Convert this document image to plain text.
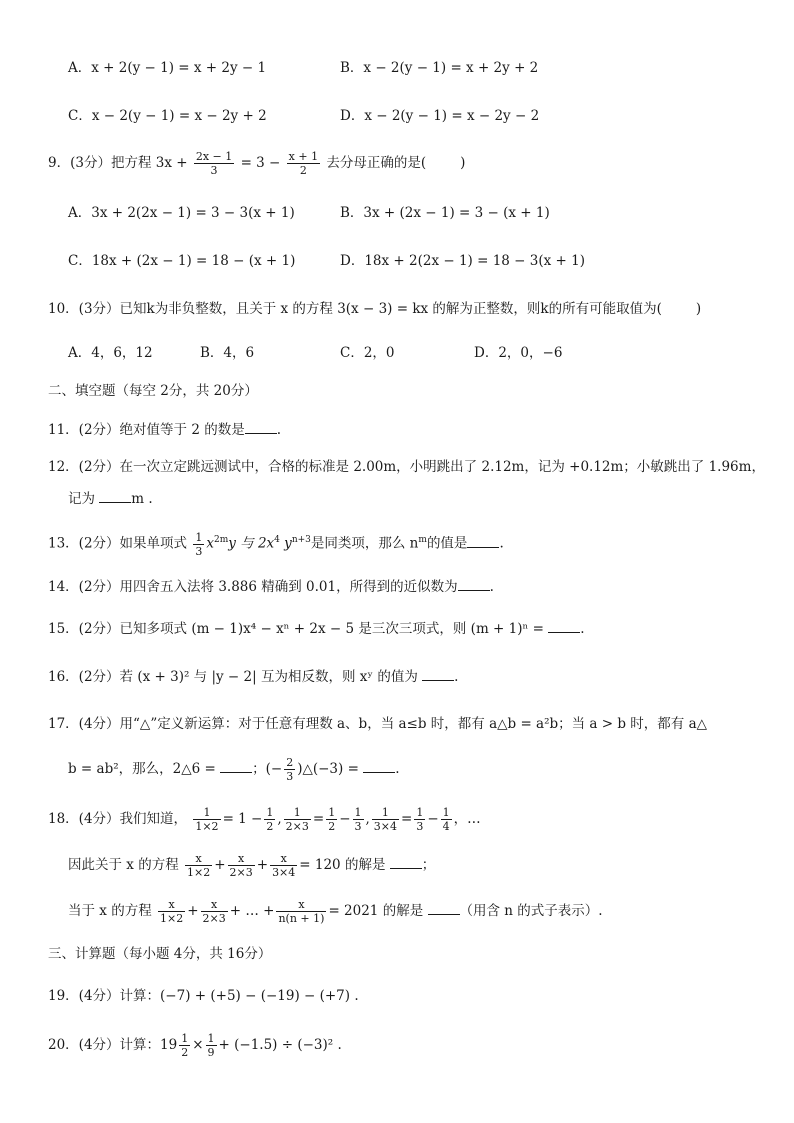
A．x + 2(y − 1) = x + 2y − 1	B．x − 2(y − 1) = x + 2y + 2
C．x − 2(y − 1) = x − 2y + 2	D．x − 2(y − 1) = x − 2y − 2
9．(3分）把方程 $3x + \frac{2x - 1}{3} = 3 - \frac{x + 1}{2}$ 去分母正确的是(	)
A．3x + 2(2x − 1) = 3 − 3(x + 1)	B．3x + (2x − 1) = 3 − (x + 1)
C．18x + (2x − 1) = 18 − (x + 1)	D．18x + 2(2x − 1) = 18 − 3(x + 1)
10．(3分）已知k为非负整数，且关于 x 的方程 3(x − 3) = kx 的解为正整数，则k的所有可能取值为(	)
A．4，6，12	B．4，6	C．2，0	D．2，0，−6
二、填空题（每空 2分，共 20分）
11．(2分）绝对值等于 2 的数是 .
12．(2分）在一次立定跳远测试中，合格的标准是 2.00m，小明跳出了 2.12m，记为 +0.12m；小敏跳出了 1.96m，
记为	m .
13．(2分）如果单项式 $\frac{1}{3} x^{2m}y$ 与 $2x^4$ $y^{n+3}$是同类项，那么 $n^m$的值是 .
14．(2分）用四舍五入法将 3.886 精确到 0.01，所得到的近似数为 .
15．(2分）已知多项式 (m − 1)x⁴ − xⁿ + 2x − 5 是三次三项式，则 (m + 1)ⁿ =	.
16．(2分）若 (x + 3)² 与 |y − 2| 互为相反数，则 xʸ 的值为	.
17．(4分）用“△”定义新运算：对于任意有理数 a、b，当 a≤b 时，都有 a△b = a²b；当 a > b 时，都有 a△
b = ab²，那么，2△6 =	；(− $\frac{2}{3}$ )△(−3) =	.
18．(4分）我们知道， $\frac{1}{1\times 2} = 1 - \frac{1}{2}$ , $\frac{1}{2\times 3} = \frac{1}{2} - \frac{1}{3}$ , $\frac{1}{3\times 4} = \frac{1}{3} - \frac{1}{4}$ ，…
因此关于 x 的方程 $\frac{x}{1\times 2} + \frac{x}{2\times 3} + \frac{x}{3\times 4} = 120$ 的解是	；
当于 x 的方程 $\frac{x}{1\times 2} + \frac{x}{2\times 3}$ + … + $\frac{x}{n(n + 1)} = 2021$ 的解是	（用含 n 的式子表示）.
三、计算题（每小题 4分，共 16分）
19．(4分）计算：(−7) + (+5) − (−19) − (+7) .
20．(4分）计算：$19 \frac{1}{2} \times \frac{1}{9} + (-1.5) \div (-3)^2$ .
